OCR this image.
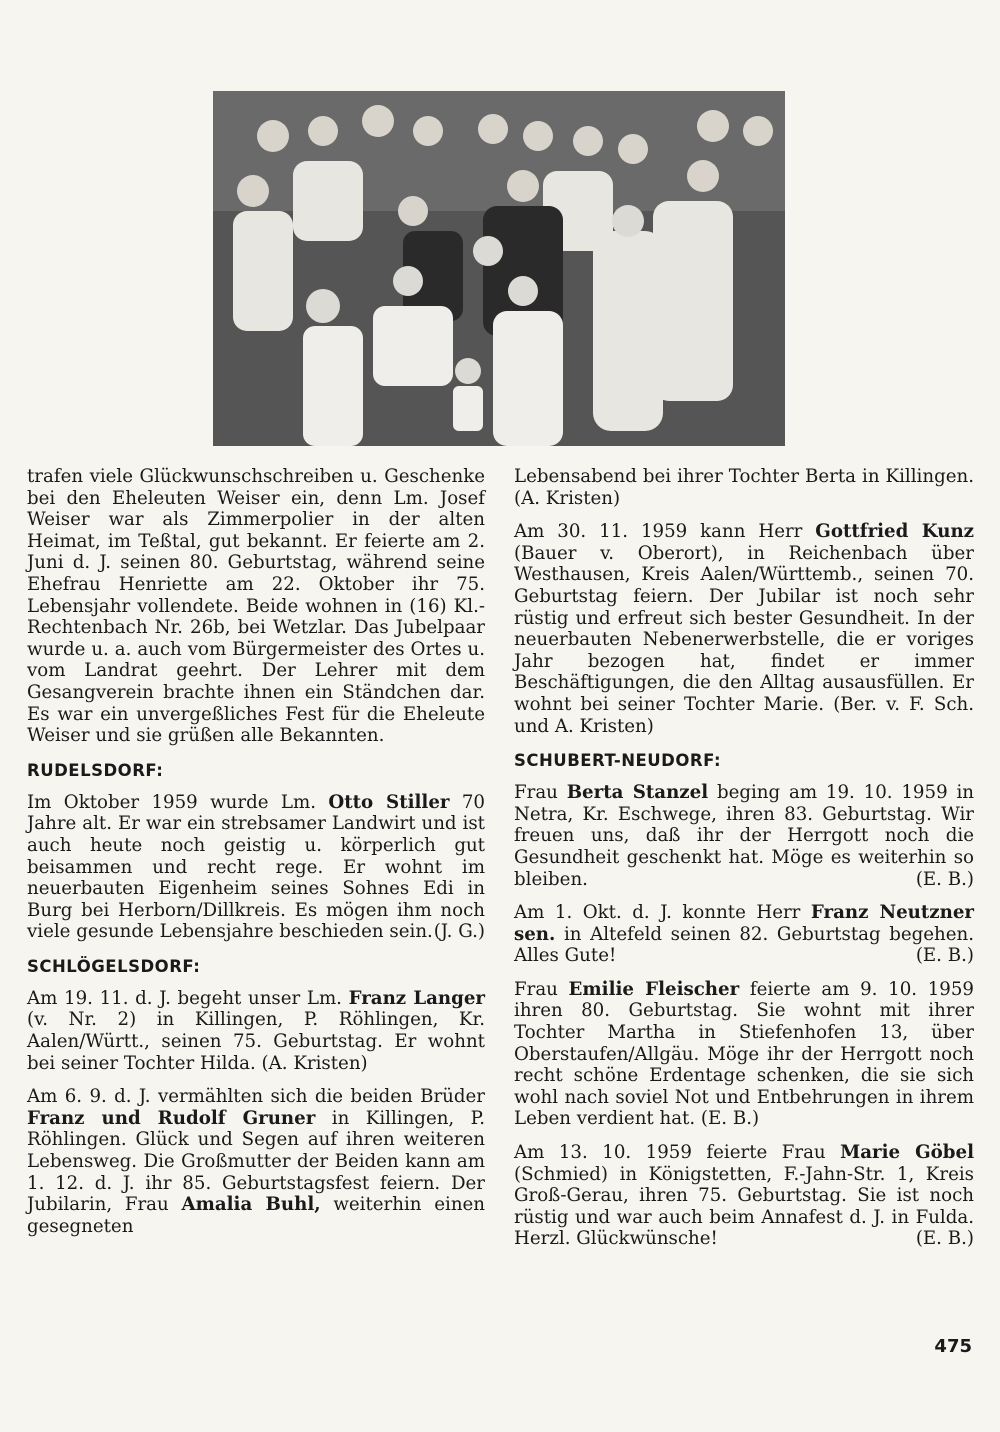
trafen viele Glückwunschschreiben u. Geschenke bei den Eheleuten Weiser ein, denn Lm. Josef Weiser war als Zimmerpolier in der alten Heimat, im Teßtal, gut bekannt. Er feierte am 2. Juni d. J. seinen 80. Geburtstag, während seine Ehefrau Henriette am 22. Oktober ihr 75. Lebensjahr vollendete. Beide wohnen in (16) Kl.-Rechtenbach Nr. 26b, bei Wetzlar. Das Jubelpaar wurde u. a. auch vom Bürgermeister des Ortes u. vom Landrat geehrt. Der Lehrer mit dem Gesangverein brachte ihnen ein Ständchen dar. Es war ein unvergeßliches Fest für die Eheleute Weiser und sie grüßen alle Bekannten.

RUDELSDORF:

Im Oktober 1959 wurde Lm. Otto Stiller 70 Jahre alt. Er war ein strebsamer Landwirt und ist auch heute noch geistig u. körperlich gut beisammen und recht rege. Er wohnt im neuerbauten Eigenheim seines Sohnes Edi in Burg bei Herborn/Dillkreis. Es mögen ihm noch viele gesunde Lebensjahre beschieden sein. (J. G.)

SCHLÖGELSDORF:

Am 19. 11. d. J. begeht unser Lm. Franz Langer (v. Nr. 2) in Killingen, P. Röhlingen, Kr. Aalen/Württ., seinen 75. Geburtstag. Er wohnt bei seiner Tochter Hilda. (A. Kristen)

Am 6. 9. d. J. vermählten sich die beiden Brüder Franz und Rudolf Gruner in Killingen, P. Röhlingen. Glück und Segen auf ihren weiteren Lebensweg. Die Großmutter der Beiden kann am 1. 12. d. J. ihr 85. Geburtstagsfest feiern. Der Jubilarin, Frau Amalia Buhl, weiterhin einen gesegneten

Lebensabend bei ihrer Tochter Berta in Killingen. (A. Kristen)

Am 30. 11. 1959 kann Herr Gottfried Kunz (Bauer v. Oberort), in Reichenbach über Westhausen, Kreis Aalen/Württemb., seinen 70. Geburtstag feiern. Der Jubilar ist noch sehr rüstig und erfreut sich bester Gesundheit. In der neuerbauten Nebenerwerbstelle, die er voriges Jahr bezogen hat, findet er immer Beschäftigungen, die den Alltag ausausfüllen. Er wohnt bei seiner Tochter Marie. (Ber. v. F. Sch. und A. Kristen)

SCHUBERT-NEUDORF:

Frau Berta Stanzel beging am 19. 10. 1959 in Netra, Kr. Eschwege, ihren 83. Geburtstag. Wir freuen uns, daß ihr der Herrgott noch die Gesundheit geschenkt hat. Möge es weiterhin so bleiben.	(E. B.)

Am 1. Okt. d. J. konnte Herr Franz Neutzner sen. in Altefeld seinen 82. Geburtstag begehen. Alles Gute!	(E. B.)

Frau Emilie Fleischer feierte am 9. 10. 1959 ihren 80. Geburtstag. Sie wohnt mit ihrer Tochter Martha in Stiefenhofen 13, über Oberstaufen/Allgäu. Möge ihr der Herrgott noch recht schöne Erdentage schenken, die sie sich wohl nach soviel Not und Entbehrungen in ihrem Leben verdient hat. (E. B.)

Am 13. 10. 1959 feierte Frau Marie Göbel (Schmied) in Königstetten, F.-Jahn-Str. 1, Kreis Groß-Gerau, ihren 75. Geburtstag. Sie ist noch rüstig und war auch beim Annafest d. J. in Fulda. Herzl. Glückwünsche!	(E. B.)

475
